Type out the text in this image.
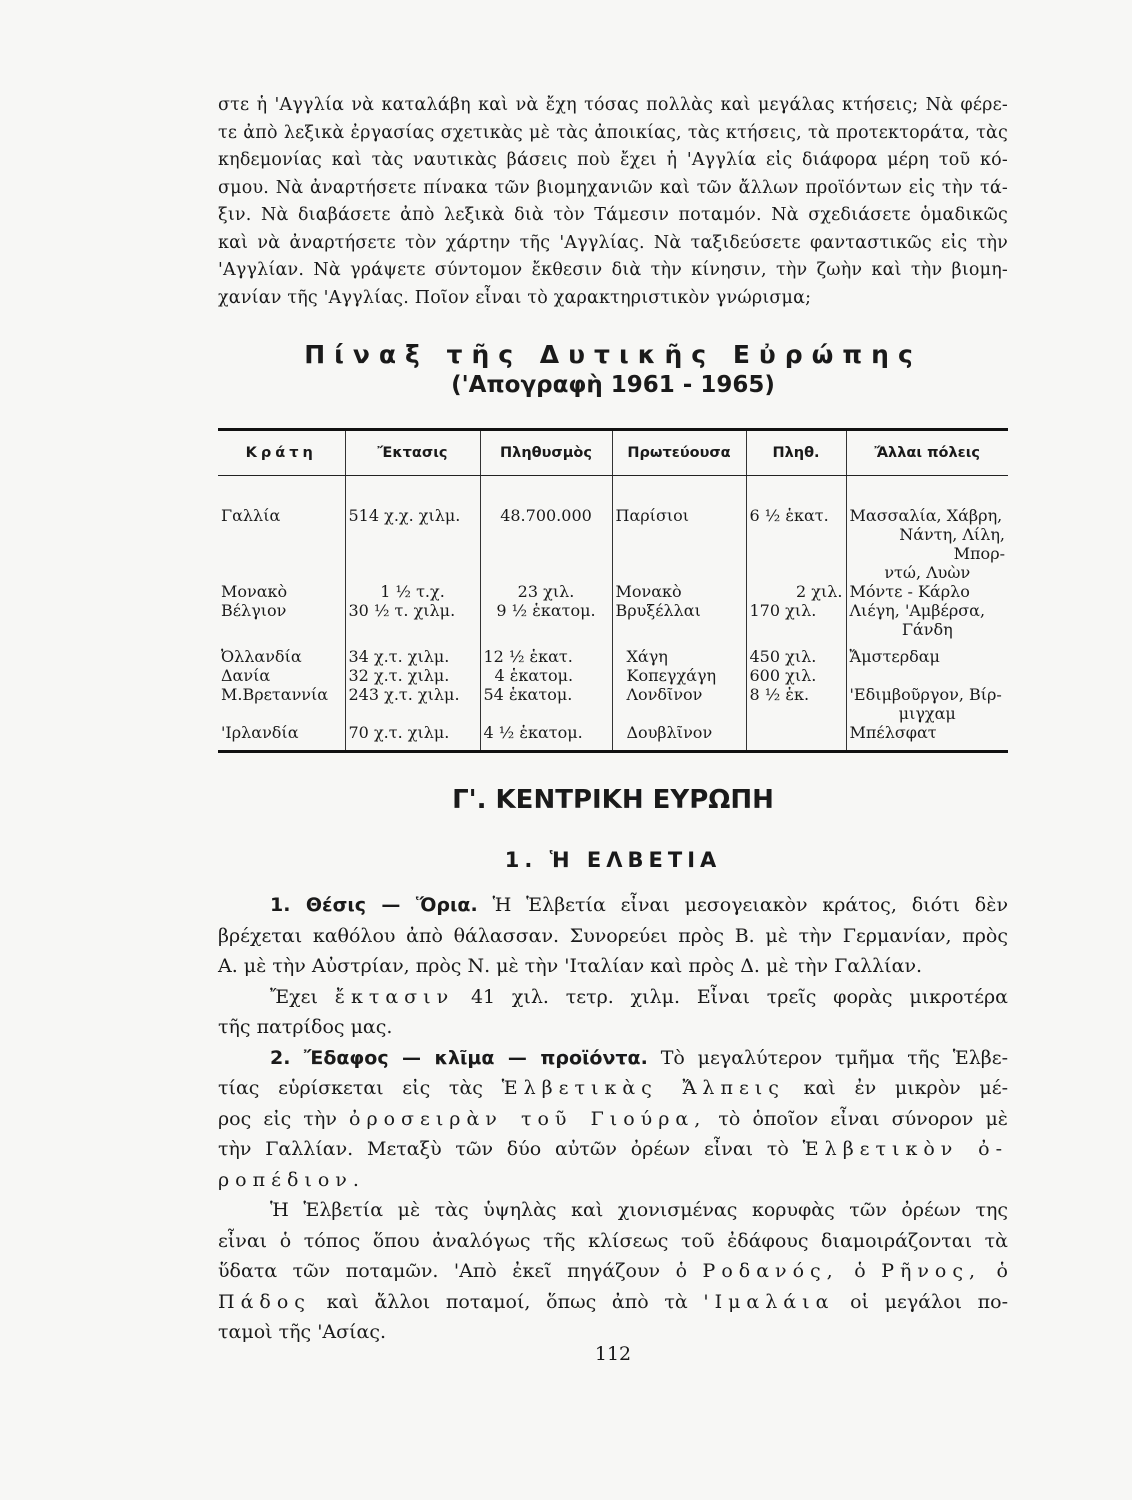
στε ἡ 'Αγγλία νὰ καταλάβη καὶ νὰ ἔχη τόσας πολλὰς καὶ μεγάλας κτήσεις; Νὰ φέρε-
τε ἀπὸ λεξικὰ ἐργασίας σχετικὰς μὲ τὰς ἀποικίας, τὰς κτήσεις, τὰ προτεκτοράτα, τὰς
κηδεμονίας καὶ τὰς ναυτικὰς βάσεις ποὺ ἔχει ἡ 'Αγγλία εἰς διάφορα μέρη τοῦ κό-
σμου. Νὰ ἀναρτήσετε πίνακα τῶν βιομηχανιῶν καὶ τῶν ἄλλων προϊόντων εἰς τὴν τά-
ξιν. Νὰ διαβάσετε ἀπὸ λεξικὰ διὰ τὸν Τάμεσιν ποταμόν. Νὰ σχεδιάσετε ὁμαδικῶς
καὶ νὰ ἀναρτήσετε τὸν χάρτην τῆς 'Αγγλίας. Νὰ ταξιδεύσετε φανταστικῶς εἰς τὴν
'Αγγλίαν. Νὰ γράψετε σύντομον ἔκθεσιν διὰ τὴν κίνησιν, τὴν ζωὴν καὶ τὴν βιομη-
χανίαν τῆς 'Αγγλίας. Ποῖον εἶναι τὸ χαρακτηριστικὸν γνώρισμα;
Πίναξ τῆς Δυτικῆς Εὐρώπης
('Απογραφὴ 1961 - 1965)
Κράτη	Ἔκτασις	Πληθυσμὸς	Πρωτεύουσα	Πληθ.	Ἄλλαι πόλεις
Γαλλία	514 χ.χ. χιλμ.	48.700.000	Παρίσιοι	6 ½ ἑκατ.	Μασσαλία, Χάβρη,
					Νάντη, Λίλη, Μπορ-
					ντώ, Λυὼν
Μονακὸ	1 ½ τ.χ.	23 χιλ.	Μονακὸ	2 χιλ.	Μόντε - Κάρλο
Βέλγιον	30 ½ τ. χιλμ.	9 ½ ἑκατομ.	Βρυξέλλαι	170 χιλ.	Λιέγη, 'Αμβέρσα,
					Γάνδη
Ὀλλανδία	34 χ.τ. χιλμ.	12 ½ ἑκατ.	Χάγη	450 χιλ.	Ἄμστερδαμ
Δανία	32 χ.τ. χιλμ.	4 ἑκατομ.	Κοπεγχάγη	600 χιλ.	
Μ.Βρεταννία	243 χ.τ. χιλμ.	54 ἑκατομ.	Λονδῖνον	8 ½ ἑκ.	'Εδιμβοῦργον, Βίρ-
					μιγχαμ
'Ιρλανδία	70 χ.τ. χιλμ.	4 ½ ἑκατομ.	Δουβλῖνον		Μπέλσφατ
Γ'. ΚΕΝΤΡΙΚΗ ΕΥΡΩΠΗ
1. Ἡ ΕΛΒΕΤΙΑ
1. Θέσις — Ὅρια. Ἡ Ἑλβετία εἶναι μεσογειακὸν κράτος, διότι δὲν
βρέχεται καθόλου ἀπὸ θάλασσαν. Συνορεύει πρὸς Β. μὲ τὴν Γερμανίαν, πρὸς
Α. μὲ τὴν Αὐστρίαν, πρὸς Ν. μὲ τὴν 'Ιταλίαν καὶ πρὸς Δ. μὲ τὴν Γαλλίαν.
Ἔχει ἔκτασιν 41 χιλ. τετρ. χιλμ. Εἶναι τρεῖς φορὰς μικροτέρα
τῆς πατρίδος μας.
2. Ἔδαφος — κλῖμα — προϊόντα. Τὸ μεγαλύτερον τμῆμα τῆς Ἑλβε-
τίας εὑρίσκεται εἰς τὰς Ἑλβετικὰς Ἄλπεις καὶ ἐν μικρὸν μέ-
ρος εἰς τὴν ὀροσειρὰν τοῦ Γιούρα, τὸ ὁποῖον εἶναι σύνορον μὲ
τὴν Γαλλίαν. Μεταξὺ τῶν δύο αὐτῶν ὀρέων εἶναι τὸ Ἑλβετικὸν ὀ-
ροπέδιον.
Ἡ Ἑλβετία μὲ τὰς ὑψηλὰς καὶ χιονισμένας κορυφὰς τῶν ὀρέων της
εἶναι ὁ τόπος ὅπου ἀναλόγως τῆς κλίσεως τοῦ ἐδάφους διαμοιράζονται τὰ
ὕδατα τῶν ποταμῶν. 'Απὸ ἐκεῖ πηγάζουν ὁ Ροδανός, ὁ Ρῆνος, ὁ
Πάδος καὶ ἄλλοι ποταμοί, ὅπως ἀπὸ τὰ 'Ιμαλάια οἱ μεγάλοι πο-
ταμοὶ τῆς 'Ασίας.
112
